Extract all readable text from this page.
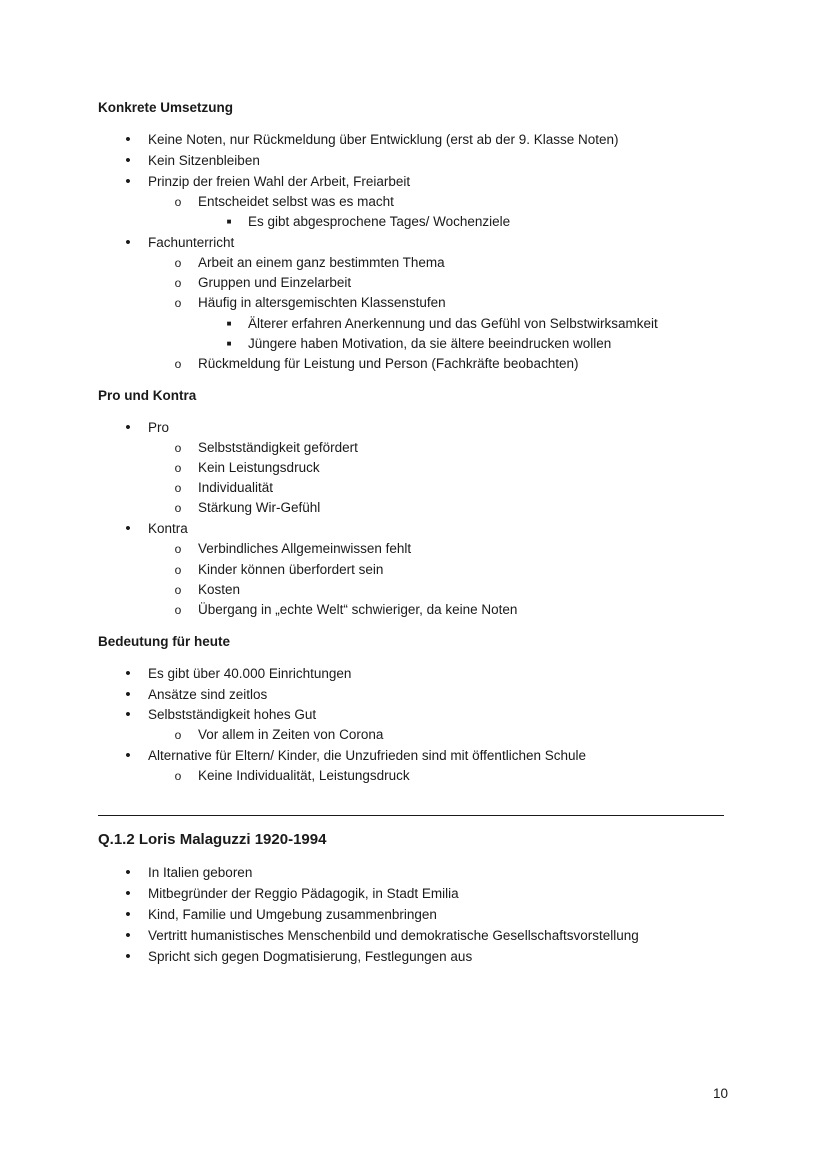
Konkrete Umsetzung
• Keine Noten, nur Rückmeldung über Entwicklung (erst ab der 9. Klasse Noten)
• Kein Sitzenbleiben
• Prinzip der freien Wahl der Arbeit, Freiarbeit
o Entscheidet selbst was es macht
■ Es gibt abgesprochene Tages/ Wochenziele
• Fachunterricht
o Arbeit an einem ganz bestimmten Thema
o Gruppen und Einzelarbeit
o Häufig in altersgemischten Klassenstufen
■ Älterer erfahren Anerkennung und das Gefühl von Selbstwirksamkeit
■ Jüngere haben Motivation, da sie ältere beeindrucken wollen
o Rückmeldung für Leistung und Person (Fachkräfte beobachten)
Pro und Kontra
• Pro
o Selbstständigkeit gefördert
o Kein Leistungsdruck
o Individualität
o Stärkung Wir-Gefühl
• Kontra
o Verbindliches Allgemeinwissen fehlt
o Kinder können überfordert sein
o Kosten
o Übergang in „echte Welt“ schwieriger, da keine Noten
Bedeutung für heute
• Es gibt über 40.000 Einrichtungen
• Ansätze sind zeitlos
• Selbstständigkeit hohes Gut
o Vor allem in Zeiten von Corona
• Alternative für Eltern/ Kinder, die Unzufrieden sind mit öffentlichen Schule
o Keine Individualität, Leistungsdruck
Q.1.2 Loris Malaguzzi 1920-1994
• In Italien geboren
• Mitbegründer der Reggio Pädagogik, in Stadt Emilia
• Kind, Familie und Umgebung zusammenbringen
• Vertritt humanistisches Menschenbild und demokratische Gesellschaftsvorstellung
• Spricht sich gegen Dogmatisierung, Festlegungen aus
10
